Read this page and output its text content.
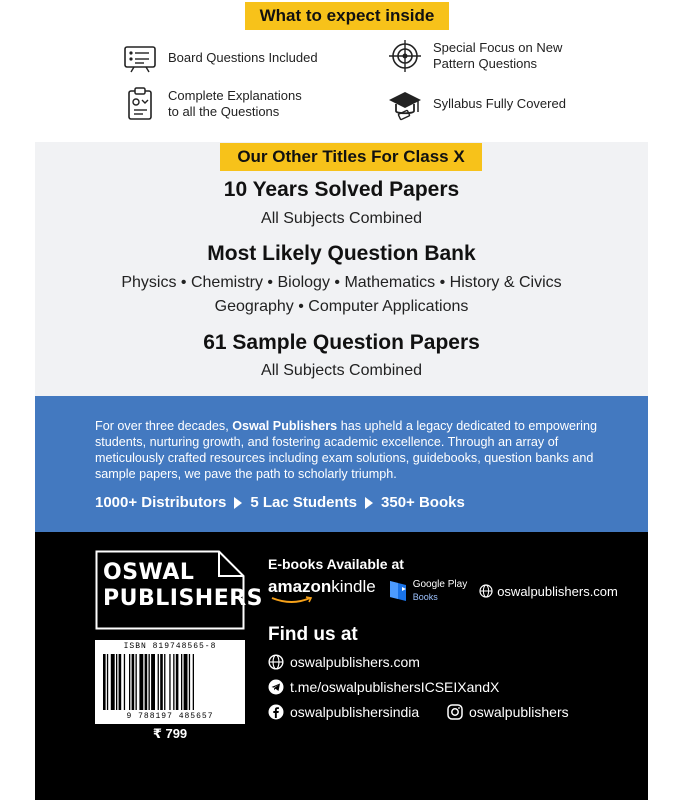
What to expect inside
Board Questions Included
Special Focus on New
Pattern Questions
Complete Explanations
to all the Questions
Syllabus Fully Covered
Our Other Titles For Class X
10 Years Solved Papers
All Subjects Combined
Most Likely Question Bank
Physics • Chemistry • Biology • Mathematics • History & Civics
Geography • Computer Applications
61 Sample Question Papers
All Subjects Combined
For over three decades, Oswal Publishers has upheld a legacy dedicated to empowering students, nurturing growth, and fostering academic excellence. Through an array of meticulously crafted resources including exam solutions, guidebooks, question banks and sample papers, we pave the path to scholarly triumph.
1000+ Distributors 5 Lac Students 350+ Books
OSWAL
PUBLISHERS
ISBN 819748565-8
9 788197 485657
₹ 799
E-books Available at
amazonkindle	Google Play
Books	oswalpublishers.com
Find us at
oswalpublishers.com
t.me/oswalpublishersICSEIXandX
oswalpublishersindia	oswalpublishers
